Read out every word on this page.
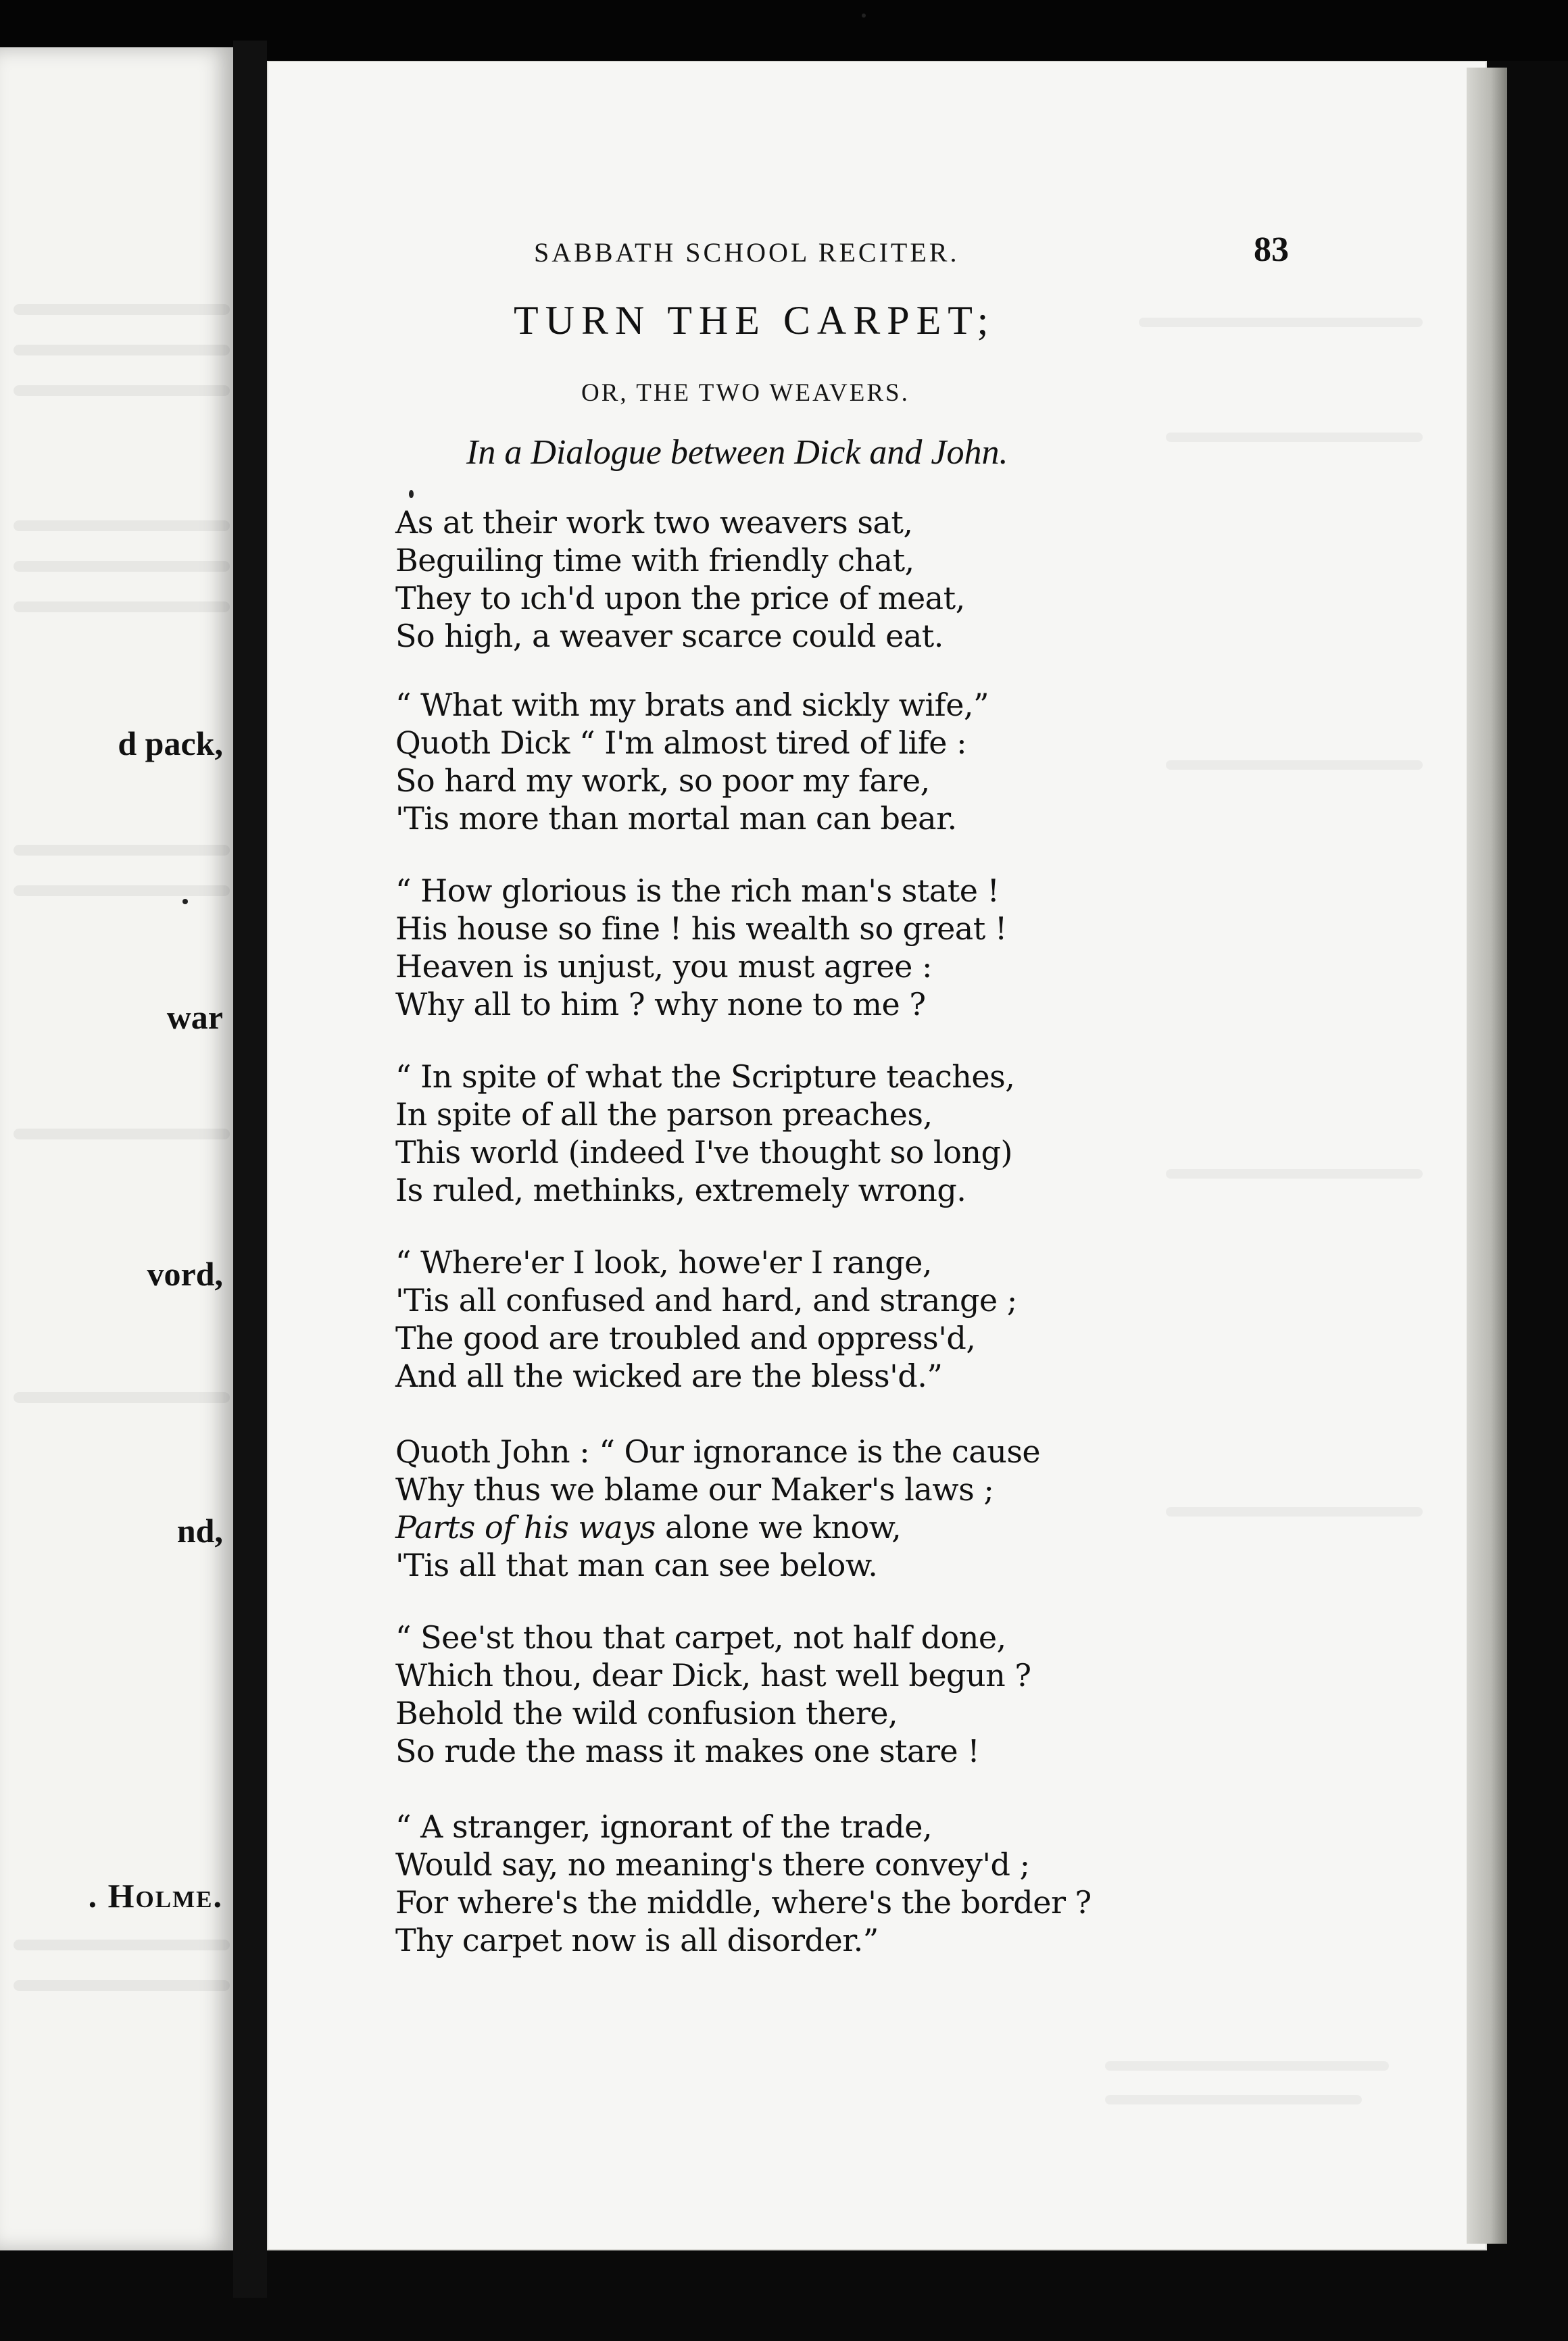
d pack,
war
vord,
nd,
. Holme.
SABBATH SCHOOL RECITER.	83
TURN THE CARPET;
OR, THE TWO WEAVERS.
In a Dialogue between Dick and John.
As at their work two weavers sat,
Beguiling time with friendly chat,
They to ıch'd upon the price of meat,
So high, a weaver scarce could eat.
“ What with my brats and sickly wife,”
Quoth Dick “ I'm almost tired of life :
So hard my work, so poor my fare,
'Tis more than mortal man can bear.
“ How glorious is the rich man's state !
His house so fine ! his wealth so great !
Heaven is unjust, you must agree :
Why all to him ? why none to me ?
“ In spite of what the Scripture teaches,
In spite of all the parson preaches,
This world (indeed I've thought so long)
Is ruled, methinks, extremely wrong.
“ Where'er I look, howe'er I range,
'Tis all confused and hard, and strange ;
The good are troubled and oppress'd,
And all the wicked are the bless'd.”
Quoth John : “ Our ignorance is the cause
Why thus we blame our Maker's laws ;
Parts of his ways alone we know,
'Tis all that man can see below.
“ See'st thou that carpet, not half done,
Which thou, dear Dick, hast well begun ?
Behold the wild confusion there,
So rude the mass it makes one stare !
“ A stranger, ignorant of the trade,
Would say, no meaning's there convey'd ;
For where's the middle, where's the border ?
Thy carpet now is all disorder.”
